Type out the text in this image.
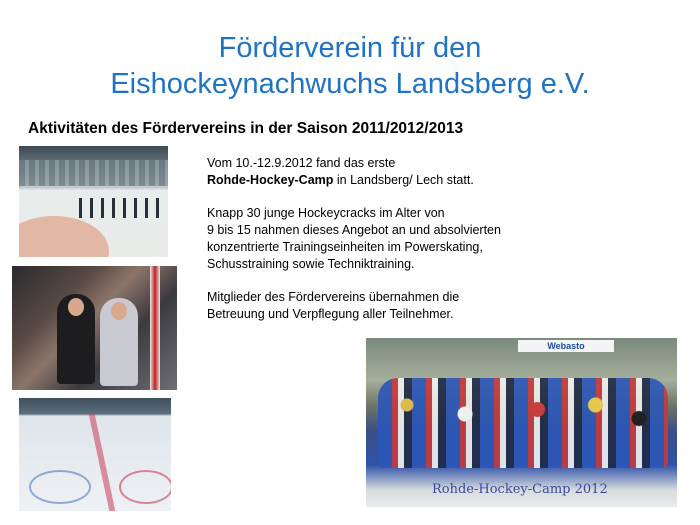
Förderverein für den
Eishockeynachwuchs Landsberg e.V.
Aktivitäten des Fördervereins in der Saison 2011/2012/2013

Vom 10.-12.9.2012 fand das erste
Rohde-Hockey-Camp in Landsberg/ Lech statt.

Knapp 30 junge Hockeycracks im Alter von
9 bis 15 nahmen dieses Angebot an und absolvierten
konzentrierte Trainingseinheiten im Powerskating,
Schusstraining sowie Techniktraining.

Mitglieder des Fördervereins übernahmen die
Betreuung und Verpflegung aller Teilnehmer.

Webasto
Rohde-Hockey-Camp 2012
